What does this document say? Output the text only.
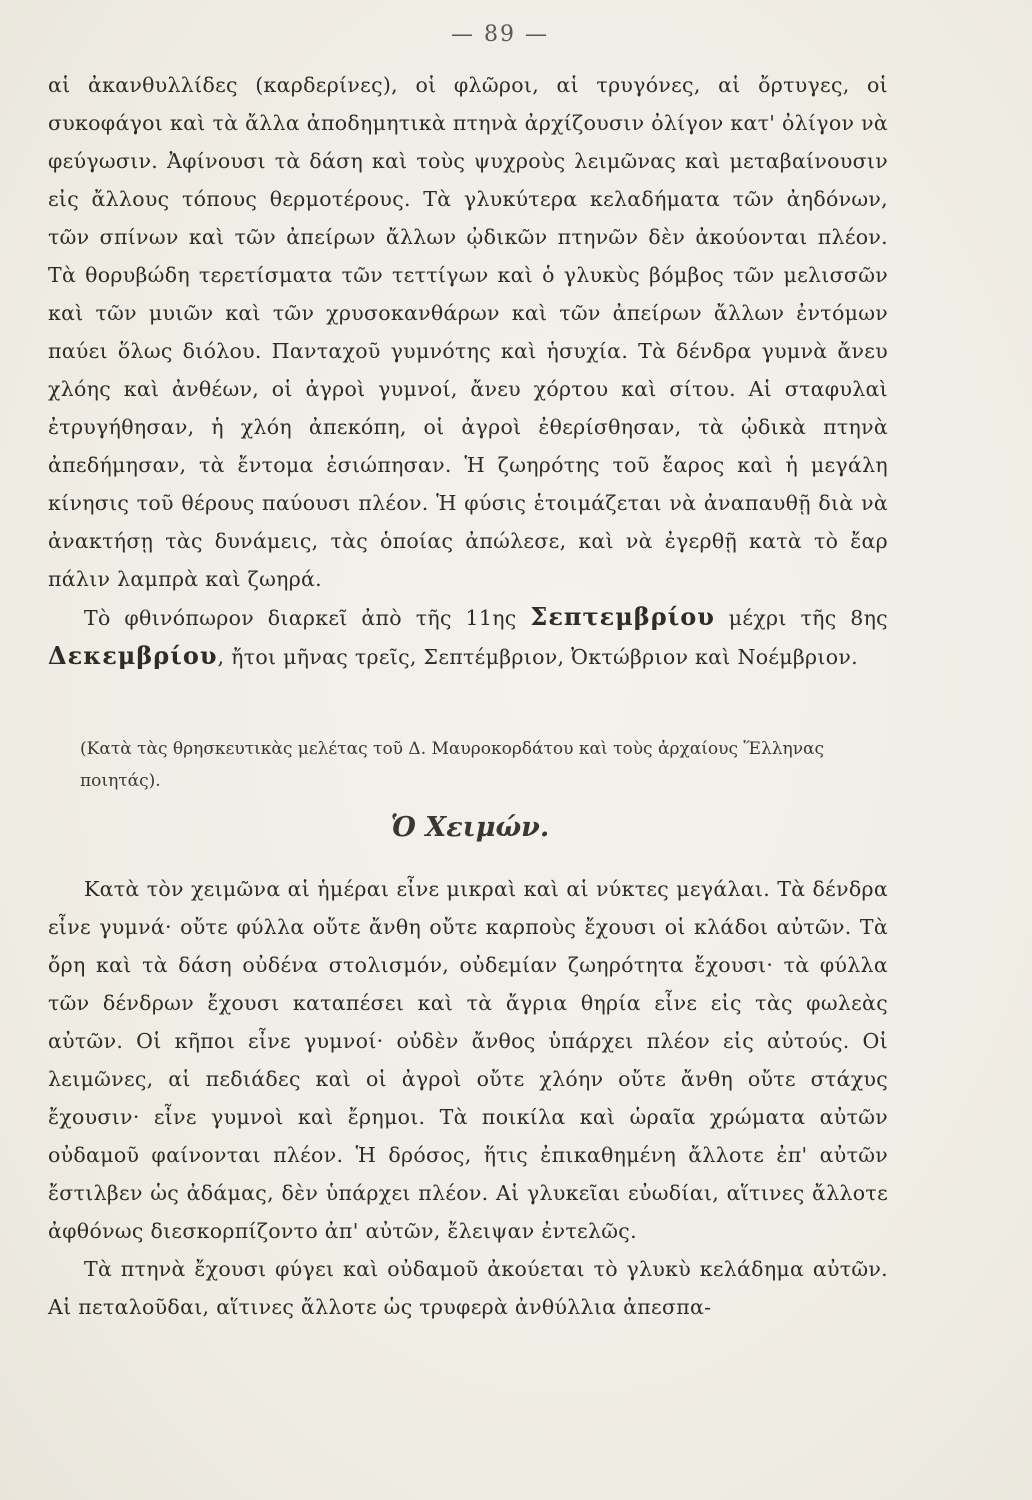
— 89 —

αἱ ἀκανθυλλίδες (καρδερίνες), οἱ φλῶροι, αἱ τρυγόνες, αἱ ὄρτυγες, οἱ συκοφάγοι καὶ τὰ ἄλλα ἀποδημητικὰ πτηνὰ ἀρχίζουσιν ὀλίγον κατ' ὀλίγον νὰ φεύγωσιν. Ἀφίνουσι τὰ δάση καὶ τοὺς ψυχροὺς λειμῶνας καὶ μεταβαίνουσιν εἰς ἄλλους τόπους θερμοτέρους. Τὰ γλυκύτερα κελαδήματα τῶν ἀηδόνων, τῶν σπίνων καὶ τῶν ἀπείρων ἄλλων ᾠδικῶν πτηνῶν δὲν ἀκούονται πλέον. Τὰ θορυβώδη τερετίσματα τῶν τεττίγων καὶ ὁ γλυκὺς βόμβος τῶν μελισσῶν καὶ τῶν μυιῶν καὶ τῶν χρυσοκανθάρων καὶ τῶν ἀπείρων ἄλλων ἐντόμων παύει ὅλως διόλου. Πανταχοῦ γυμνότης καὶ ἡσυχία. Τὰ δένδρα γυμνὰ ἄνευ χλόης καὶ ἀνθέων, οἱ ἀγροὶ γυμνοί, ἄνευ χόρτου καὶ σίτου. Αἱ σταφυλαὶ ἐτρυγήθησαν, ἡ χλόη ἀπεκόπη, οἱ ἀγροὶ ἐθερίσθησαν, τὰ ᾠδικὰ πτηνὰ ἀπεδήμησαν, τὰ ἔντομα ἐσιώπησαν. Ἡ ζωηρότης τοῦ ἔαρος καὶ ἡ μεγάλη κίνησις τοῦ θέρους παύουσι πλέον. Ἡ φύσις ἑτοιμάζεται νὰ ἀναπαυθῇ διὰ νὰ ἀνακτήσῃ τὰς δυνάμεις, τὰς ὁποίας ἀπώλεσε, καὶ νὰ ἐγερθῇ κατὰ τὸ ἔαρ πάλιν λαμπρὰ καὶ ζωηρά.

Τὸ φθινόπωρον διαρκεῖ ἀπὸ τῆς 11ης Σεπτεμβρίου μέχρι τῆς 8ης Δεκεμβρίου, ἤτοι μῆνας τρεῖς, Σεπτέμβριον, Ὀκτώβριον καὶ Νοέμβριον.

(Κατὰ τὰς θρησκευτικὰς μελέτας τοῦ Δ. Μαυροκορδάτου καὶ τοὺς ἀρχαίους Ἕλληνας ποιητάς).
Ὁ Χειμών.

Κατὰ τὸν χειμῶνα αἱ ἡμέραι εἶνε μικραὶ καὶ αἱ νύκτες μεγάλαι. Τὰ δένδρα εἶνε γυμνά· οὔτε φύλλα οὔτε ἄνθη οὔτε καρποὺς ἔχουσι οἱ κλάδοι αὐτῶν. Τὰ ὄρη καὶ τὰ δάση οὐδένα στολισμόν, οὐδεμίαν ζωηρότητα ἔχουσι· τὰ φύλλα τῶν δένδρων ἔχουσι καταπέσει καὶ τὰ ἄγρια θηρία εἶνε εἰς τὰς φωλεὰς αὐτῶν. Οἱ κῆποι εἶνε γυμνοί· οὐδὲν ἄνθος ὑπάρχει πλέον εἰς αὐτούς. Οἱ λειμῶνες, αἱ πεδιάδες καὶ οἱ ἀγροὶ οὔτε χλόην οὔτε ἄνθη οὔτε στάχυς ἔχουσιν· εἶνε γυμνοὶ καὶ ἔρημοι. Τὰ ποικίλα καὶ ὡραῖα χρώματα αὐτῶν οὐδαμοῦ φαίνονται πλέον. Ἡ δρόσος, ἥτις ἐπικαθημένη ἄλλοτε ἐπ' αὐτῶν ἔστιλβεν ὡς ἀδάμας, δὲν ὑπάρχει πλέον. Αἱ γλυκεῖαι εὐωδίαι, αἵτινες ἄλλοτε ἀφθόνως διεσκορπίζοντο ἀπ' αὐτῶν, ἔλειψαν ἐντελῶς.

Τὰ πτηνὰ ἔχουσι φύγει καὶ οὐδαμοῦ ἀκούεται τὸ γλυκὺ κελάδημα αὐτῶν. Αἱ πεταλοῦδαι, αἵτινες ἄλλοτε ὡς τρυφερὰ ἀνθύλλια ἀπεσπα-
